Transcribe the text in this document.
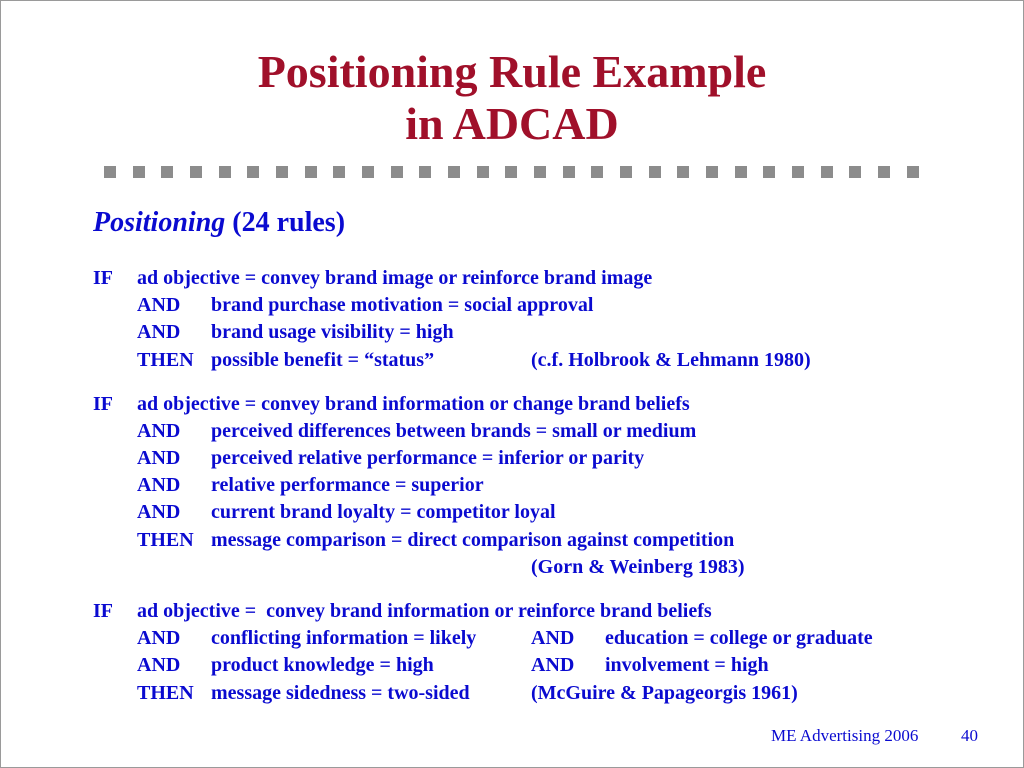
Positioning Rule Example
in ADCAD
Positioning (24 rules)
IF ad objective = convey brand image or reinforce brand image
AND brand purchase motivation = social approval
AND brand usage visibility = high
THEN possible benefit = “status”	(c.f. Holbrook & Lehmann 1980)
IF ad objective = convey brand information or change brand beliefs
AND perceived differences between brands = small or medium
AND perceived relative performance = inferior or parity
AND relative performance = superior
AND current brand loyalty = competitor loyal
THEN message comparison = direct comparison against competition
(Gorn & Weinberg 1983)
IF ad objective =  convey brand information or reinforce brand beliefs
AND conflicting information = likely	AND education = college or graduate
AND product knowledge = high	AND involvement = high
THEN message sidedness = two-sided	(McGuire & Papageorgis 1961)
ME Advertising 2006	40
